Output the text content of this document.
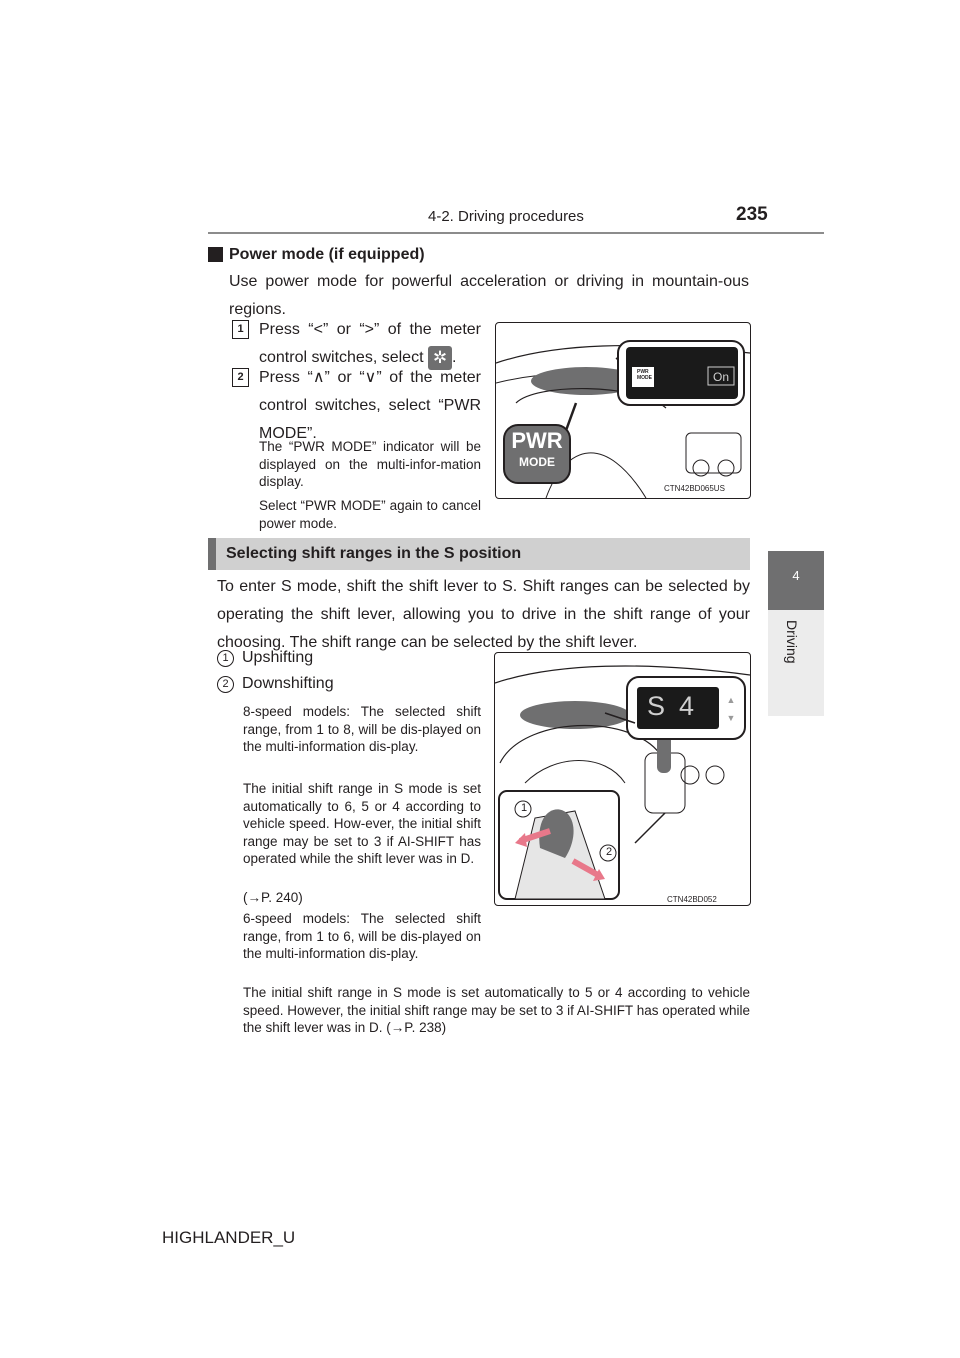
4-2. Driving procedures	235
4
Driving
Power mode (if equipped)
Use power mode for powerful acceleration or driving in mountain-ous regions.
1 Press “<” or “>” of the meter control switches, select ✲ .
2 Press “∧” or “∨” of the meter control switches, select “PWR MODE”.
The “PWR MODE” indicator will be displayed on the multi-infor-mation display.
Select “PWR MODE” again to cancel power mode.
PWR
MODE	On
PWR
MODE
CTN42BD065US
Selecting shift ranges in the S position
To enter S mode, shift the shift lever to S. Shift ranges can be selected by operating the shift lever, allowing you to drive in the shift range of your choosing. The shift range can be selected by the shift lever.
1 Upshifting
2 Downshifting
8-speed models: The selected shift range, from 1 to 8, will be dis-played on the multi-information dis-play.
The initial shift range in S mode is set automatically to 6, 5 or 4 according to vehicle speed. How-ever, the initial shift range may be set to 3 if AI-SHIFT has operated while the shift lever was in D.
(→P. 240)
6-speed models: The selected shift range, from 1 to 6, will be dis-played on the multi-information dis-play.
The initial shift range in S mode is set automatically to 5 or 4 according to vehicle speed. However, the initial shift range may be set to 3 if AI-SHIFT has operated while the shift lever was in D. (→P. 238)
S 4	▲
▼
1
2
CTN42BD052
HIGHLANDER_U
